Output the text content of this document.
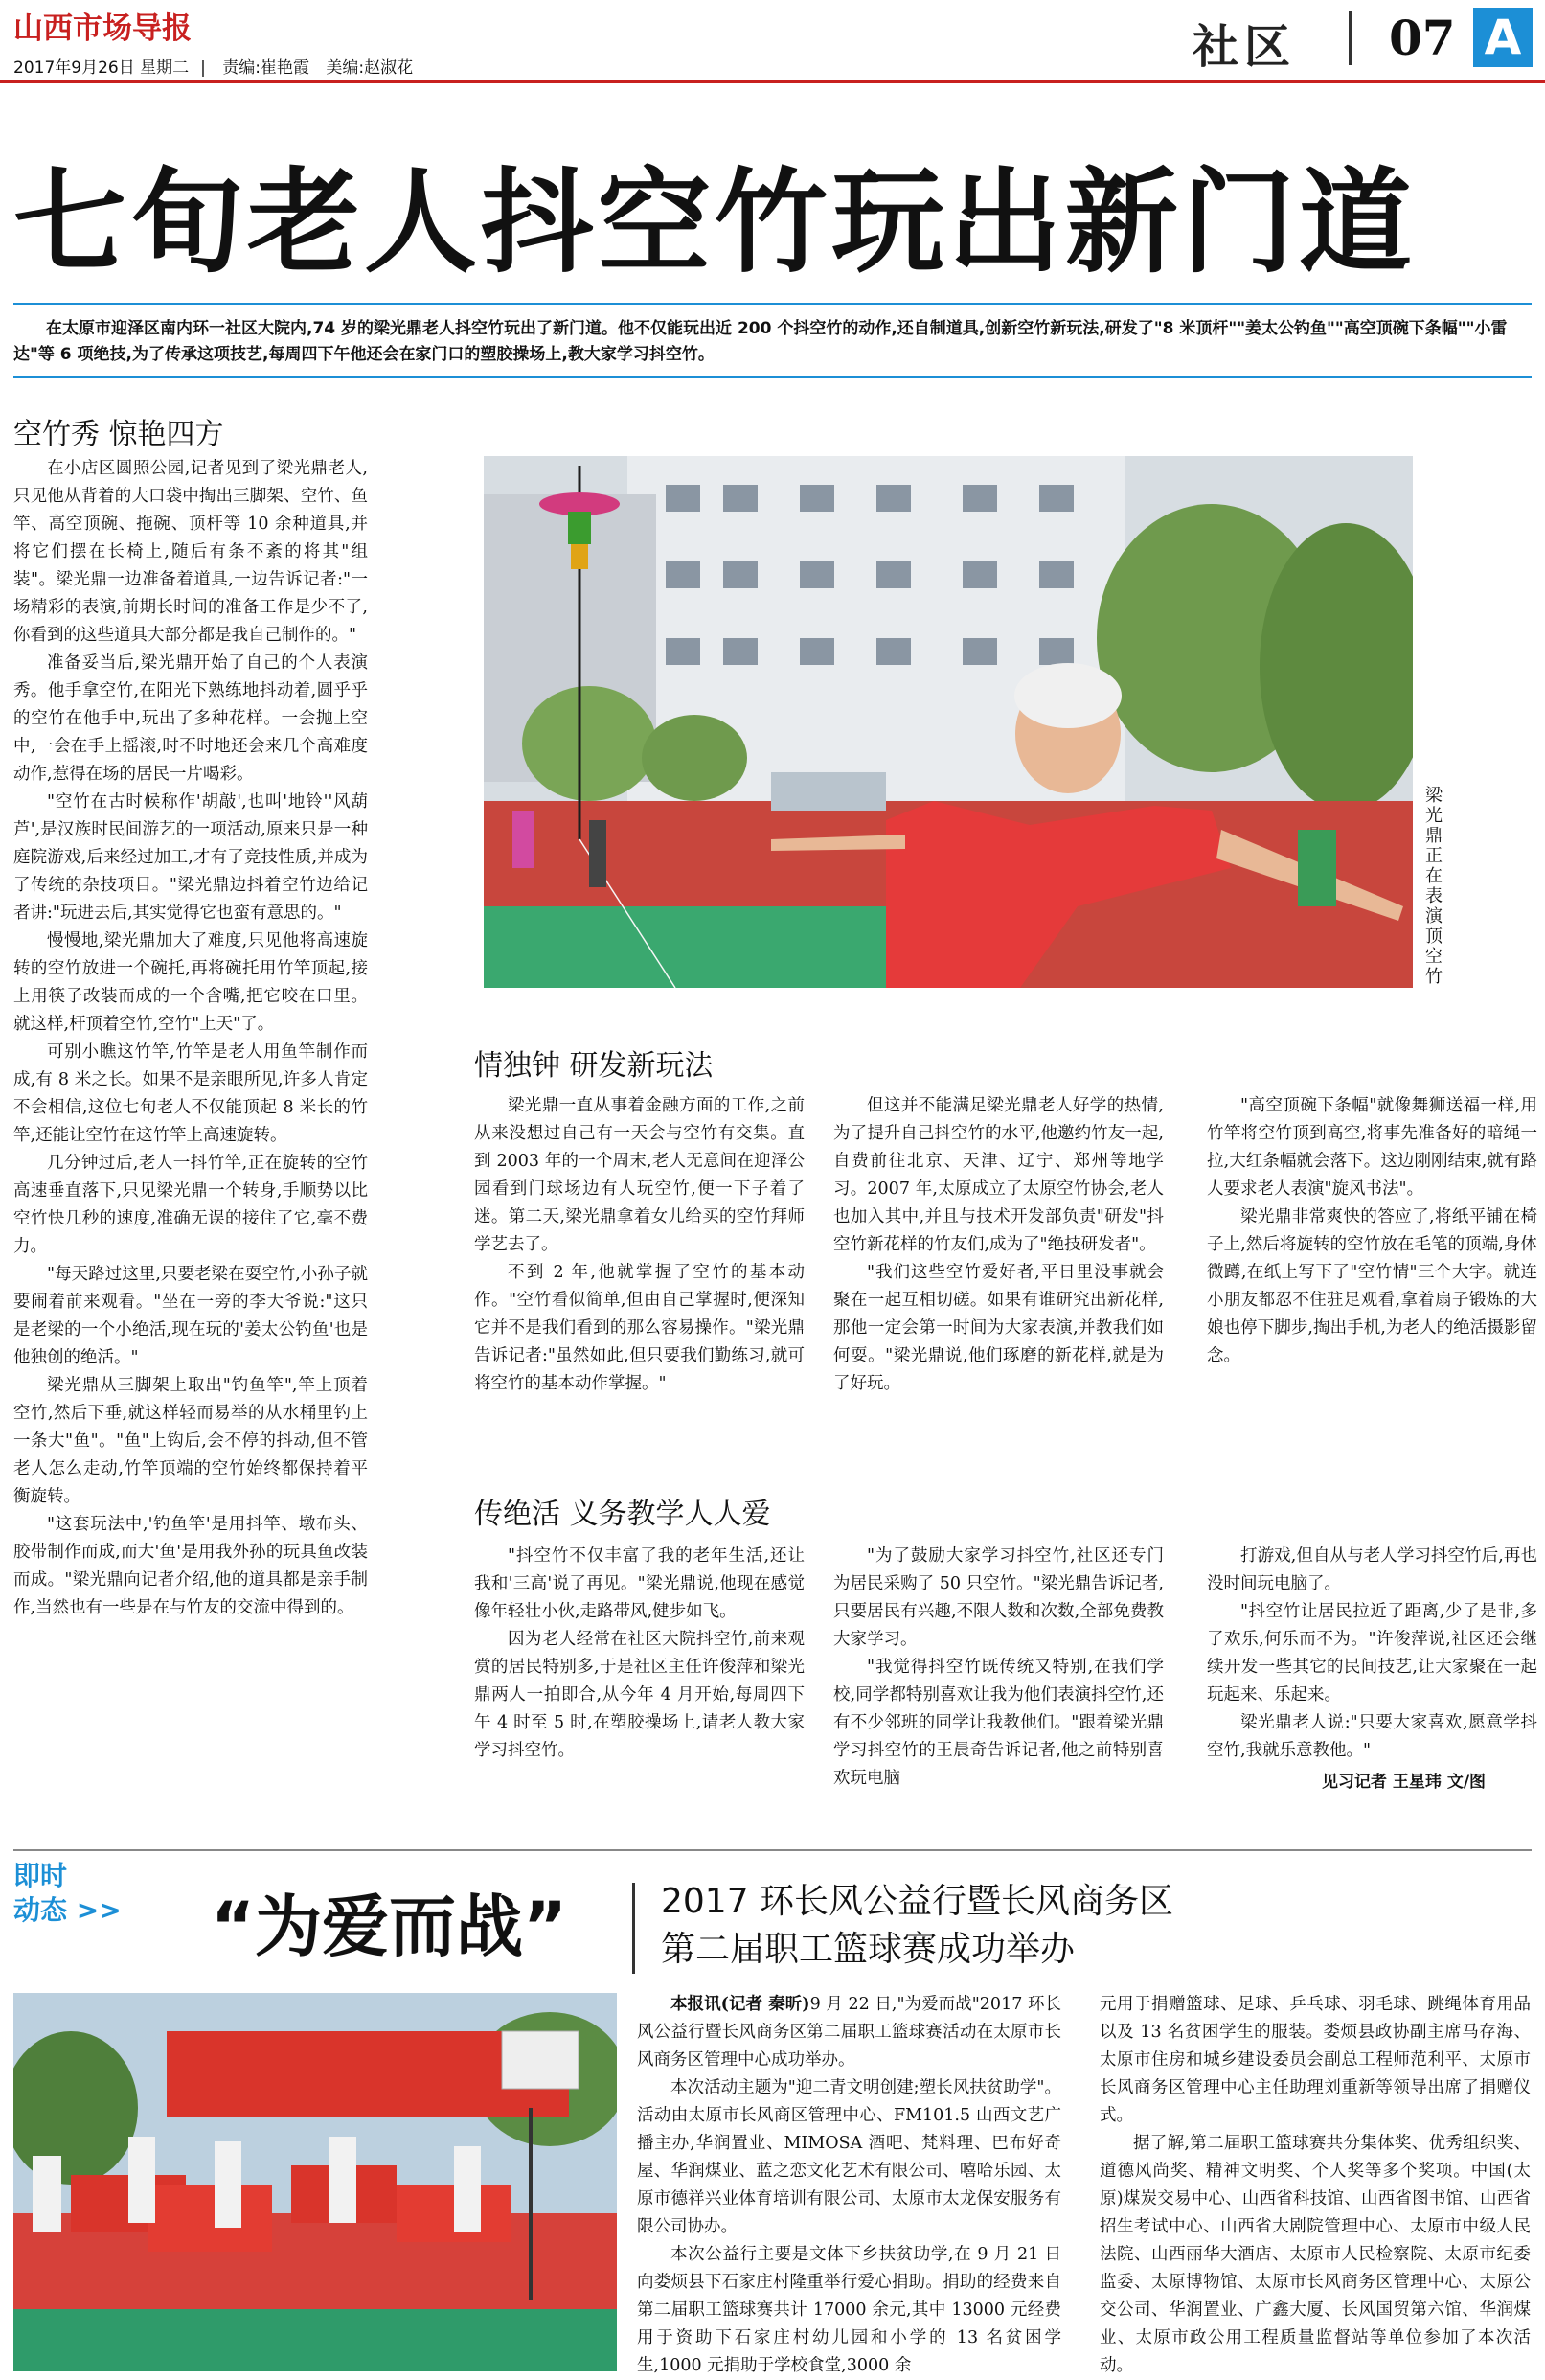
山西市场导报
2017年9月26日 星期二 | 责编:崔艳霞 美编:赵淑花	社区 07 A
七旬老人抖空竹玩出新门道
在太原市迎泽区南内环一社区大院内,74 岁的梁光鼎老人抖空竹玩出了新门道。他不仅能玩出近 200 个抖空竹的动作,还自制道具,创新空竹新玩法,研发了"8 米顶杆""姜太公钓鱼""高空顶碗下条幅""小雷达"等 6 项绝技,为了传承这项技艺,每周四下午他还会在家门口的塑胶操场上,教大家学习抖空竹。
空竹秀 惊艳四方

在小店区圆照公园,记者见到了梁光鼎老人,只见他从背着的大口袋中掏出三脚架、空竹、鱼竿、高空顶碗、拖碗、顶杆等 10 余种道具,并将它们摆在长椅上,随后有条不紊的将其"组装"。梁光鼎一边准备着道具,一边告诉记者:"一场精彩的表演,前期长时间的准备工作是少不了,你看到的这些道具大部分都是我自己制作的。"

准备妥当后,梁光鼎开始了自己的个人表演秀。他手拿空竹,在阳光下熟练地抖动着,圆乎乎的空竹在他手中,玩出了多种花样。一会抛上空中,一会在手上摇滚,时不时地还会来几个高难度动作,惹得在场的居民一片喝彩。

"空竹在古时候称作'胡敲',也叫'地铃''风葫芦',是汉族时民间游艺的一项活动,原来只是一种庭院游戏,后来经过加工,才有了竞技性质,并成为了传统的杂技项目。"梁光鼎边抖着空竹边给记者讲:"玩进去后,其实觉得它也蛮有意思的。"

慢慢地,梁光鼎加大了难度,只见他将高速旋转的空竹放进一个碗托,再将碗托用竹竿顶起,接上用筷子改装而成的一个含嘴,把它咬在口里。就这样,杆顶着空竹,空竹"上天"了。

可别小瞧这竹竿,竹竿是老人用鱼竿制作而成,有 8 米之长。如果不是亲眼所见,许多人肯定不会相信,这位七旬老人不仅能顶起 8 米长的竹竿,还能让空竹在这竹竿上高速旋转。

几分钟过后,老人一抖竹竿,正在旋转的空竹高速垂直落下,只见梁光鼎一个转身,手顺势以比空竹快几秒的速度,准确无误的接住了它,毫不费力。

"每天路过这里,只要老梁在耍空竹,小孙子就要闹着前来观看。"坐在一旁的李大爷说:"这只是老梁的一个小绝活,现在玩的'姜太公钓鱼'也是他独创的绝活。"

梁光鼎从三脚架上取出"钓鱼竿",竿上顶着空竹,然后下垂,就这样轻而易举的从水桶里钓上一条大"鱼"。"鱼"上钩后,会不停的抖动,但不管老人怎么走动,竹竿顶端的空竹始终都保持着平衡旋转。

"这套玩法中,'钓鱼竿'是用抖竿、墩布头、胶带制作而成,而大'鱼'是用我外孙的玩具鱼改装而成。"梁光鼎向记者介绍,他的道具都是亲手制作,当然也有一些是在与竹友的交流中得到的。

梁光鼎正在表演顶空竹
情独钟 研发新玩法

梁光鼎一直从事着金融方面的工作,之前从来没想过自己有一天会与空竹有交集。直到 2003 年的一个周末,老人无意间在迎泽公园看到门球场边有人玩空竹,便一下子着了迷。第二天,梁光鼎拿着女儿给买的空竹拜师学艺去了。

不到 2 年,他就掌握了空竹的基本动作。"空竹看似简单,但由自己掌握时,便深知它并不是我们看到的那么容易操作。"梁光鼎告诉记者:"虽然如此,但只要我们勤练习,就可将空竹的基本动作掌握。"

但这并不能满足梁光鼎老人好学的热情,为了提升自己抖空竹的水平,他邀约竹友一起,自费前往北京、天津、辽宁、郑州等地学习。2007 年,太原成立了太原空竹协会,老人也加入其中,并且与技术开发部负责"研发"抖空竹新花样的竹友们,成为了"绝技研发者"。

"我们这些空竹爱好者,平日里没事就会聚在一起互相切磋。如果有谁研究出新花样,那他一定会第一时间为大家表演,并教我们如何耍。"梁光鼎说,他们琢磨的新花样,就是为了好玩。

"高空顶碗下条幅"就像舞狮送福一样,用竹竿将空竹顶到高空,将事先准备好的暗绳一拉,大红条幅就会落下。这边刚刚结束,就有路人要求老人表演"旋风书法"。

梁光鼎非常爽快的答应了,将纸平铺在椅子上,然后将旋转的空竹放在毛笔的顶端,身体微蹲,在纸上写下了"空竹情"三个大字。就连小朋友都忍不住驻足观看,拿着扇子锻炼的大娘也停下脚步,掏出手机,为老人的绝活摄影留念。

传绝活 义务教学人人爱

"抖空竹不仅丰富了我的老年生活,还让我和'三高'说了再见。"梁光鼎说,他现在感觉像年轻壮小伙,走路带风,健步如飞。

因为老人经常在社区大院抖空竹,前来观赏的居民特别多,于是社区主任许俊萍和梁光鼎两人一拍即合,从今年 4 月开始,每周四下午 4 时至 5 时,在塑胶操场上,请老人教大家学习抖空竹。

"为了鼓励大家学习抖空竹,社区还专门为居民采购了 50 只空竹。"梁光鼎告诉记者,只要居民有兴趣,不限人数和次数,全部免费教大家学习。

"我觉得抖空竹既传统又特别,在我们学校,同学都特别喜欢让我为他们表演抖空竹,还有不少邻班的同学让我教他们。"跟着梁光鼎学习抖空竹的王晨奇告诉记者,他之前特别喜欢玩电脑

打游戏,但自从与老人学习抖空竹后,再也没时间玩电脑了。

"抖空竹让居民拉近了距离,少了是非,多了欢乐,何乐而不为。"许俊萍说,社区还会继续开发一些其它的民间技艺,让大家聚在一起玩起来、乐起来。

梁光鼎老人说:"只要大家喜欢,愿意学抖空竹,我就乐意教他。"

见习记者 王星玮 文/图
即时
动态 >> “为爱而战”	2017 环长风公益行暨长风商务区
第二届职工篮球赛成功举办

本报讯(记者 秦昕)9 月 22 日,"为爱而战"2017 环长风公益行暨长风商务区第二届职工篮球赛活动在太原市长风商务区管理中心成功举办。

本次活动主题为"迎二青文明创建;塑长风扶贫助学"。活动由太原市长风商区管理中心、FM101.5 山西文艺广播主办,华润置业、MIMOSA 酒吧、梵料理、巴布好奇屋、华润煤业、蓝之恋文化艺术有限公司、嘻哈乐园、太原市德祥兴业体育培训有限公司、太原市太龙保安服务有限公司协办。

本次公益行主要是文体下乡扶贫助学,在 9 月 21 日向娄烦县下石家庄村隆重举行爱心捐助。捐助的经费来自第二届职工篮球赛共计 17000 余元,其中 13000 元经费用于资助下石家庄村幼儿园和小学的 13 名贫困学生,1000 元捐助于学校食堂,3000 余

元用于捐赠篮球、足球、乒乓球、羽毛球、跳绳体育用品以及 13 名贫困学生的服装。娄烦县政协副主席马存海、太原市住房和城乡建设委员会副总工程师范利平、太原市长风商务区管理中心主任助理刘重新等领导出席了捐赠仪式。

据了解,第二届职工篮球赛共分集体奖、优秀组织奖、道德风尚奖、精神文明奖、个人奖等多个奖项。中国(太原)煤炭交易中心、山西省科技馆、山西省图书馆、山西省招生考试中心、山西省大剧院管理中心、太原市中级人民法院、山西丽华大酒店、太原市人民检察院、太原市纪委监委、太原博物馆、太原市长风商务区管理中心、太原公交公司、华润置业、广鑫大厦、长风国贸第六馆、华润煤业、太原市政公用工程质量监督站等单位参加了本次活动。
